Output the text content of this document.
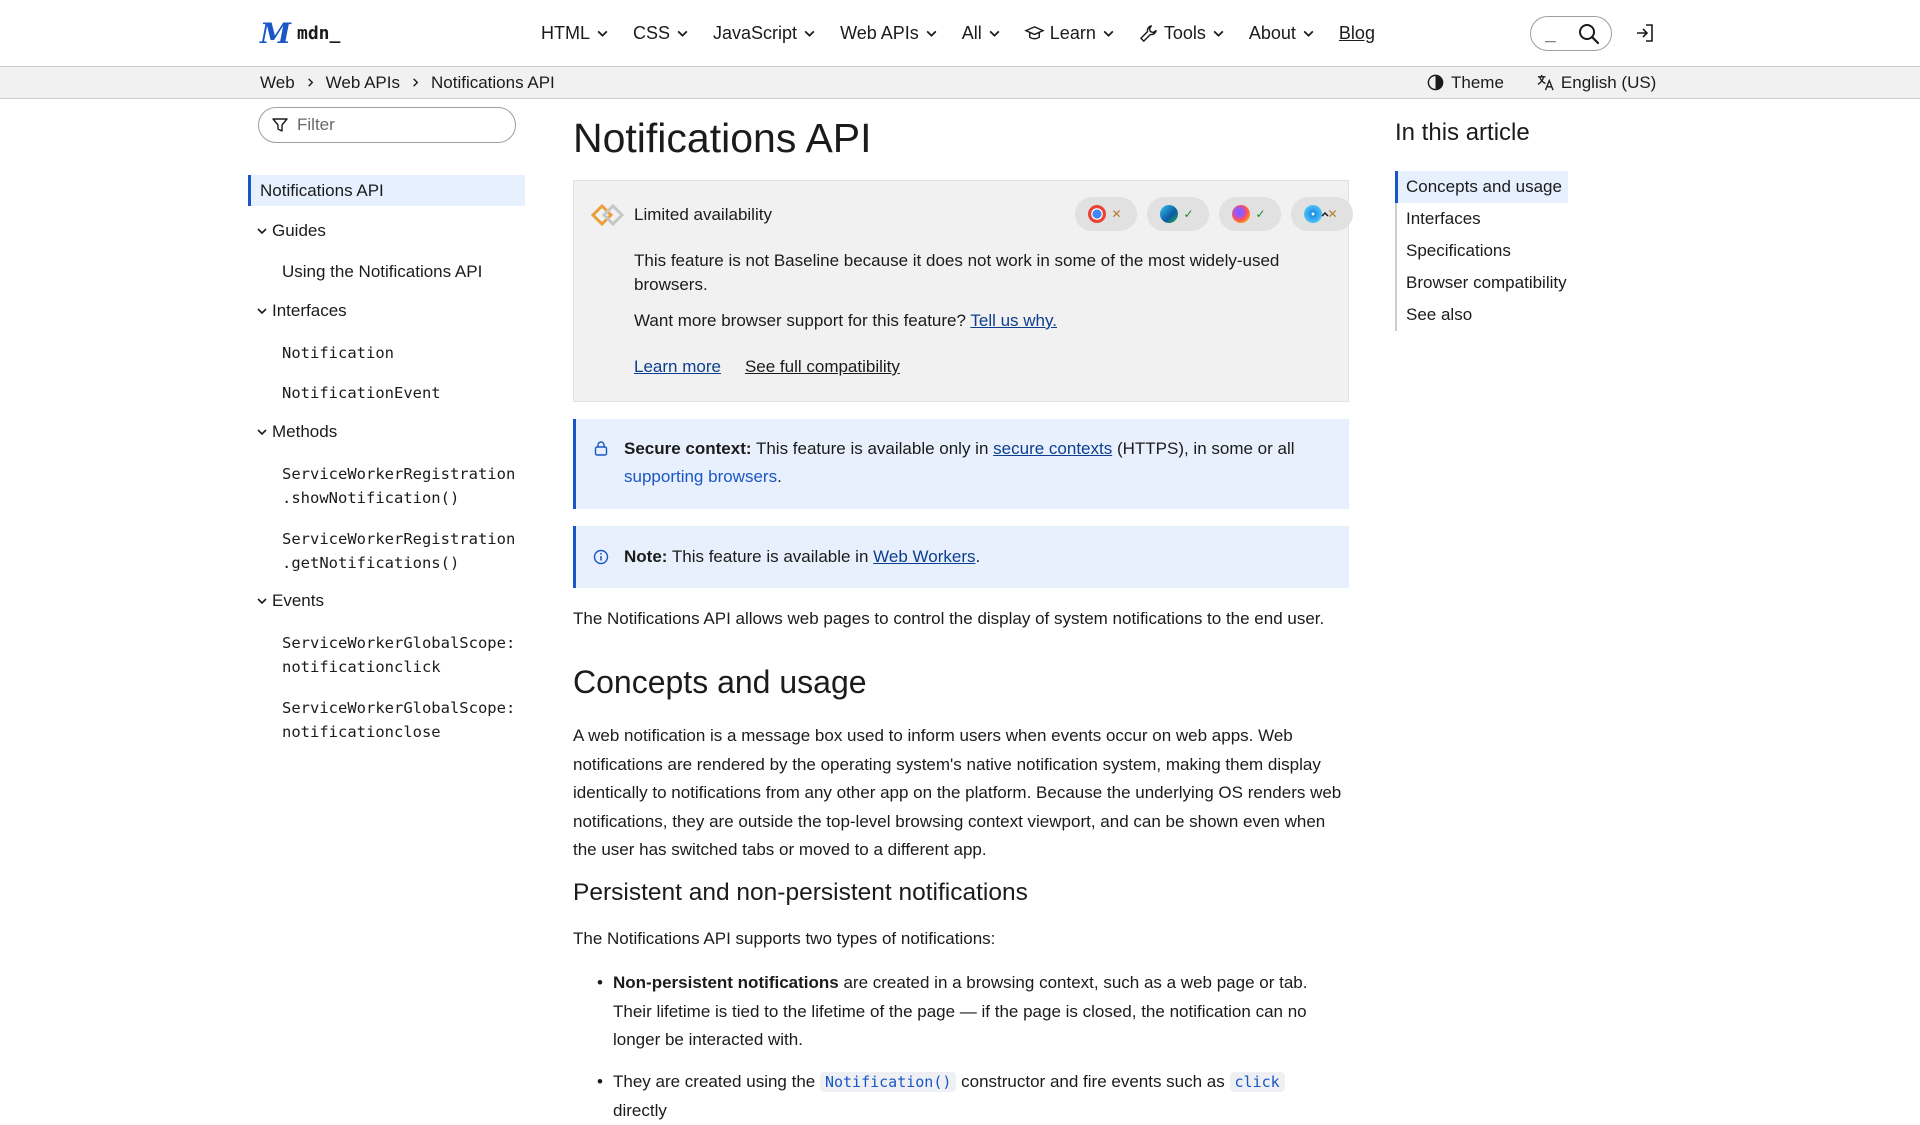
M mdn_	HTML CSS JavaScript Web APIs All	Learn	Tools About Blog	_
Web Web APIs Notifications API	Theme	English (US)
Filter
Notifications API
Guides
Using the Notifications API
Interfaces
Notification
NotificationEvent
Methods
ServiceWorkerRegistration
.showNotification()
ServiceWorkerRegistration
.getNotifications()
Events
ServiceWorkerGlobalScope:
notificationclick
ServiceWorkerGlobalScope:
notificationclose
Notifications API
Limited availability	✕	✓	✓	✕
This feature is not Baseline because it does not work in some of the most widely-used browsers.
Want more browser support for this feature? Tell us why.
Learn more See full compatibility
Secure context: This feature is available only in secure contexts (HTTPS), in some or all
supporting browsers.
Note: This feature is available in Web Workers.

The Notifications API allows web pages to control the display of system notifications to the end user.

Concepts and usage

A web notification is a message box used to inform users when events occur on web apps. Web notifications are rendered by the operating system's native notification system, making them display identically to notifications from any other app on the platform. Because the underlying OS renders web notifications, they are outside the top-level browsing context viewport, and can be shown even when the user has switched tabs or moved to a different app.

Persistent and non-persistent notifications

The Notifications API supports two types of notifications:

• Non-persistent notifications are created in a browsing context, such as a web page or tab. Their lifetime is tied to the lifetime of the page — if the page is closed, the notification can no longer be interacted with.
• They are created using the Notification() constructor and fire events such as click directly
In this article
Concepts and usage
Interfaces
Specifications
Browser compatibility
See also
